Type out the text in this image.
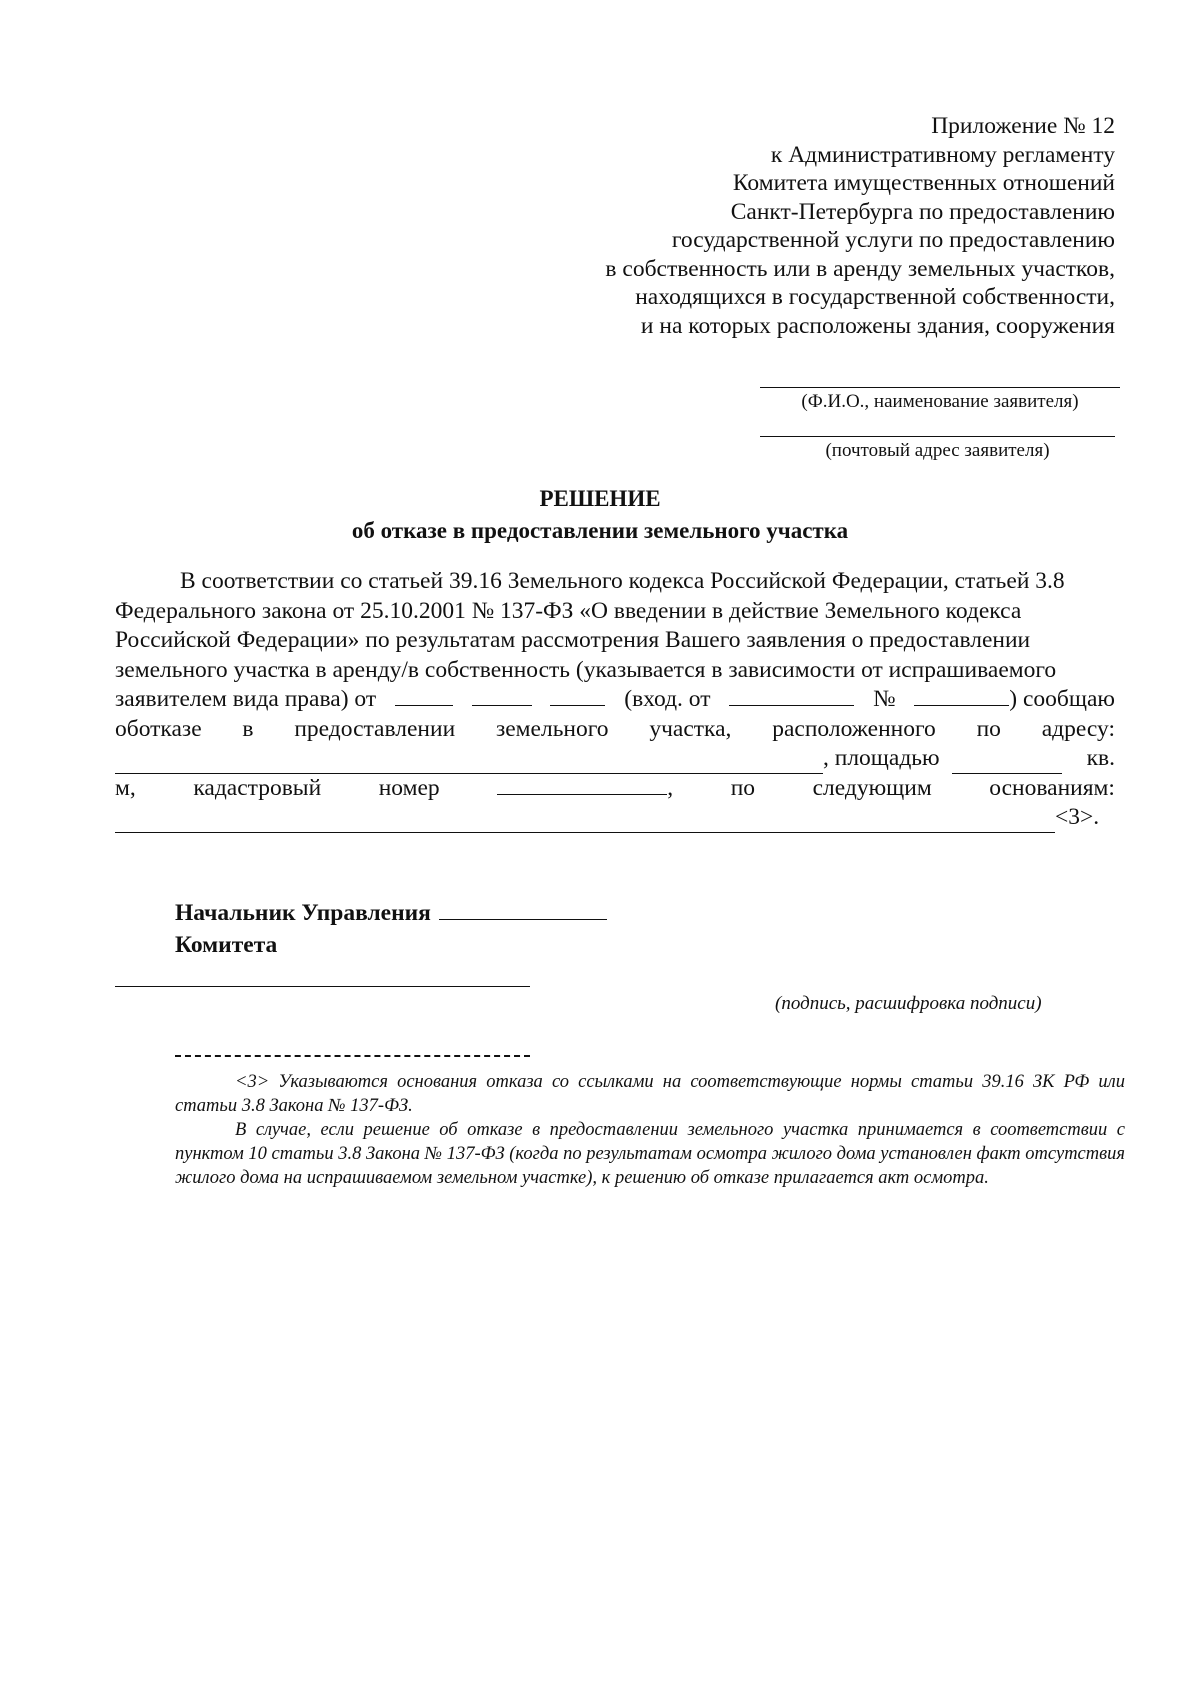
Приложение № 12
к Административному регламенту
Комитета имущественных отношений
Санкт-Петербурга по предоставлению
государственной услуги по предоставлению
в собственность или в аренду земельных участков,
находящихся в государственной собственности,
и на которых расположены здания, сооружения
(Ф.И.О., наименование заявителя)
(почтовый адрес заявителя)
РЕШЕНИЕ
об отказе в предоставлении земельного участка
В соответствии со статьей 39.16 Земельного кодекса Российской Федерации, статьей 3.8
Федерального закона от 25.10.2001 № 137-ФЗ «О введении в действие Земельного кодекса
Российской Федерации» по результатам рассмотрения Вашего заявления о предоставлении
земельного участка в аренду/в собственность (указывается в зависимости от испрашиваемого
заявителем вида права) от	(вход. от	№	) сообщаю
оботказе в предоставлении земельного участка, расположенного по адресу:
, площадью	кв.
м, кадастровый номер	, по следующим основаниям:
<3>.
Начальник Управления
Комитета
(подпись, расшифровка подписи)

<3> Указываются основания отказа со ссылками на соответствующие нормы статьи 39.16 ЗК РФ или статьи 3.8 Закона № 137-ФЗ.

В случае, если решение об отказе в предоставлении земельного участка принимается в соответствии с пунктом 10 статьи 3.8 Закона № 137-ФЗ (когда по результатам осмотра жилого дома установлен факт отсутствия жилого дома на испрашиваемом земельном участке), к решению об отказе прилагается акт осмотра.
